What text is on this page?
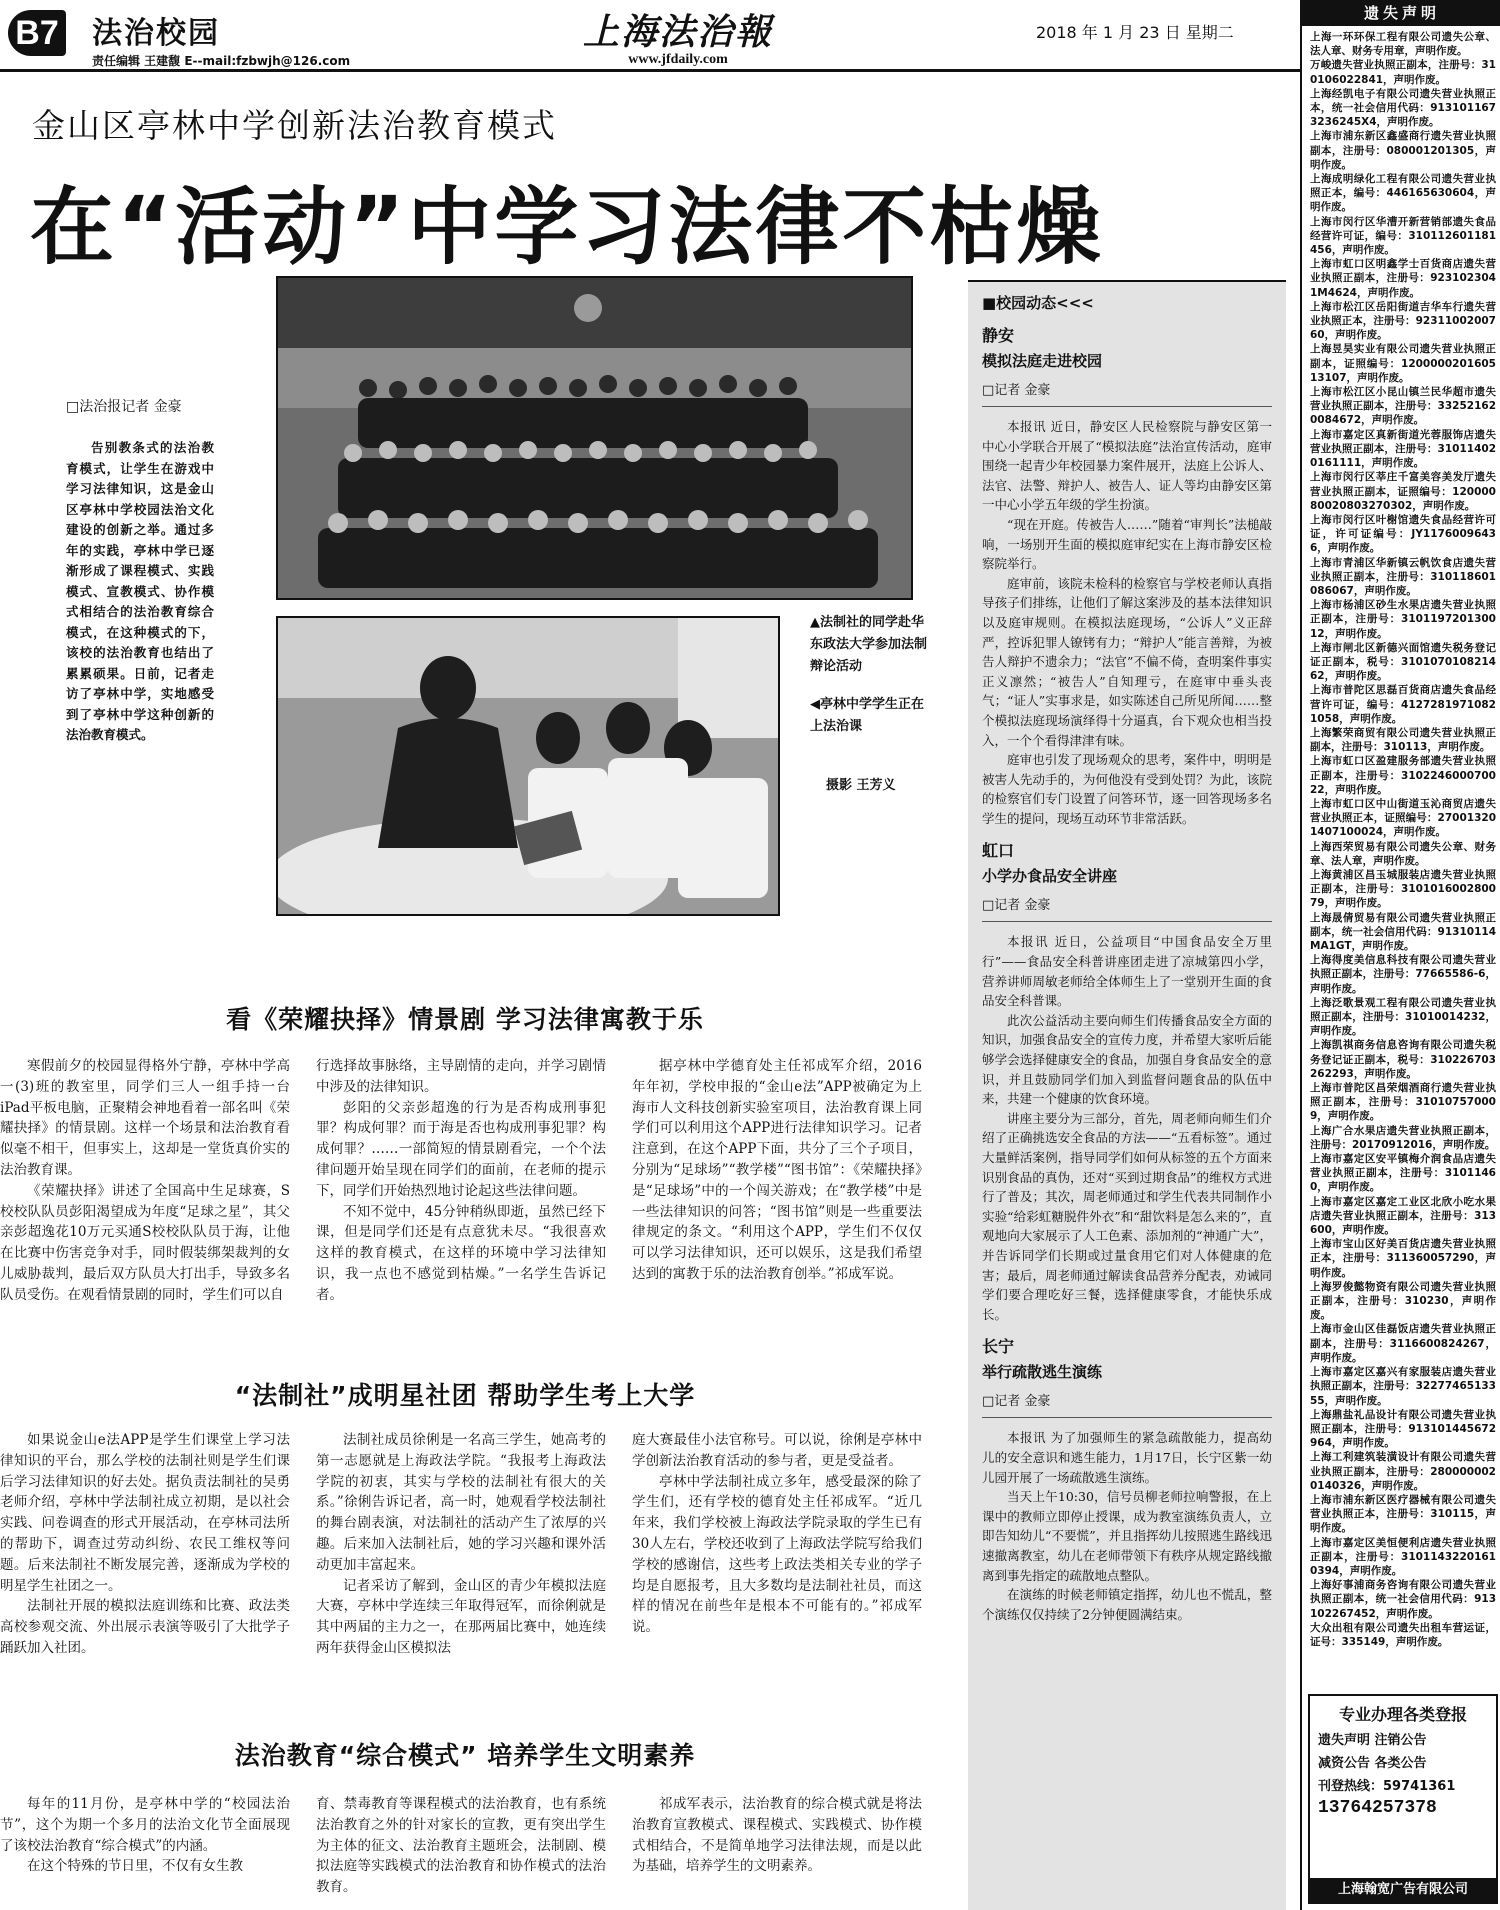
B7 法治校园
责任编辑 王建馥 E--mail:fzbwjh@126.com
上海法治報
www.jfdaily.com
2018 年 1 月 23 日 星期二
金山区亭林中学创新法治教育模式
在“活动”中学习法律不枯燥
▲法制社的同学赴华东政法大学参加法制辩论活动
◀亭林中学学生正在上法治课
摄影 王芳义
□法治报记者 金豪
告别教条式的法治教育模式，让学生在游戏中学习法律知识，这是金山区亭林中学校园法治文化建设的创新之举。通过多年的实践，亭林中学已逐渐形成了课程模式、实践模式、宣教模式、协作模式相结合的法治教育综合模式，在这种模式的下，该校的法治教育也结出了累累硕果。日前，记者走访了亭林中学，实地感受到了亭林中学这种创新的法治教育模式。
看《荣耀抉择》情景剧 学习法律寓教于乐

寒假前夕的校园显得格外宁静，亭林中学高一(3)班的教室里，同学们三人一组手持一台iPad平板电脑，正聚精会神地看着一部名叫《荣耀抉择》的情景剧。这样一个场景和法治教育看似毫不相干，但事实上，这却是一堂货真价实的法治教育课。

《荣耀抉择》讲述了全国高中生足球赛，S校校队队员彭阳渴望成为年度“足球之星”，其父亲彭超逸花10万元买通S校校队队员于海，让他在比赛中伤害竞争对手，同时假装绑架裁判的女儿威胁裁判，最后双方队员大打出手，导致多名队员受伤。在观看情景剧的同时，学生们可以自

行选择故事脉络，主导剧情的走向，并学习剧情中涉及的法律知识。

彭阳的父亲彭超逸的行为是否构成刑事犯罪？构成何罪？而于海是否也构成刑事犯罪？构成何罪？……一部简短的情景剧看完，一个个法律问题开始呈现在同学们的面前，在老师的提示下，同学们开始热烈地讨论起这些法律问题。

不知不觉中，45分钟稍纵即逝，虽然已经下课，但是同学们还是有点意犹未尽。“我很喜欢这样的教育模式，在这样的环境中学习法律知识，我一点也不感觉到枯燥。”一名学生告诉记者。

据亭林中学德育处主任祁成军介绍，2016年年初，学校申报的“金山e法”APP被确定为上海市人文科技创新实验室项目，法治教育课上同学们可以利用这个APP进行法律知识学习。记者注意到，在这个APP下面，共分了三个子项目，分别为“足球场”“教学楼”“图书馆”：《荣耀抉择》是“足球场”中的一个闯关游戏；在“教学楼”中是一些法律知识的问答；“图书馆”则是一些重要法律规定的条文。“利用这个APP，学生们不仅仅可以学习法律知识，还可以娱乐，这是我们希望达到的寓教于乐的法治教育创举。”祁成军说。

“法制社”成明星社团 帮助学生考上大学

如果说金山e法APP是学生们课堂上学习法律知识的平台，那么学校的法制社则是学生们课后学习法律知识的好去处。据负责法制社的吴勇老师介绍，亭林中学法制社成立初期，是以社会实践、问卷调查的形式开展活动，在亭林司法所的帮助下，调查过劳动纠纷、农民工维权等问题。后来法制社不断发展完善，逐渐成为学校的明星学生社团之一。

法制社开展的模拟法庭训练和比赛、政法类高校参观交流、外出展示表演等吸引了大批学子踊跃加入社团。

法制社成员徐俐是一名高三学生，她高考的第一志愿就是上海政法学院。“我报考上海政法学院的初衷，其实与学校的法制社有很大的关系。”徐俐告诉记者，高一时，她观看学校法制社的舞台剧表演，对法制社的活动产生了浓厚的兴趣。后来加入法制社后，她的学习兴趣和课外活动更加丰富起来。

记者采访了解到，金山区的青少年模拟法庭大赛，亭林中学连续三年取得冠军，而徐俐就是其中两届的主力之一，在那两届比赛中，她连续两年获得金山区模拟法

庭大赛最佳小法官称号。可以说，徐俐是亭林中学创新法治教育活动的参与者，更是受益者。

亭林中学法制社成立多年，感受最深的除了学生们，还有学校的德育处主任祁成军。“近几年来，我们学校被上海政法学院录取的学生已有30人左右，学校还收到了上海政法学院写给我们学校的感谢信，这些考上政法类相关专业的学子均是自愿报考，且大多数均是法制社社员，而这样的情况在前些年是根本不可能有的。”祁成军说。

法治教育“综合模式” 培养学生文明素养

每年的11月份，是亭林中学的“校园法治节”，这个为期一个多月的法治文化节全面展现了该校法治教育“综合模式”的内涵。

在这个特殊的节日里，不仅有女生教

育、禁毒教育等课程模式的法治教育，也有系统法治教育之外的针对家长的宣教，更有突出学生为主体的征文、法治教育主题班会，法制剧、模拟法庭等实践模式的法治教育和协作模式的法治教育。

祁成军表示，法治教育的综合模式就是将法治教育宣教模式、课程模式、实践模式、协作模式相结合，不是简单地学习法律法规，而是以此为基础，培养学生的文明素养。

■校园动态<<<
静安
模拟法庭走进校园
□记者 金豪

本报讯 近日，静安区人民检察院与静安区第一中心小学联合开展了“模拟法庭”法治宣传活动，庭审围绕一起青少年校园暴力案件展开，法庭上公诉人、法官、法警、辩护人、被告人、证人等均由静安区第一中心小学五年级的学生扮演。

“现在开庭。传被告人……”随着“审判长”法槌敲响，一场别开生面的模拟庭审纪实在上海市静安区检察院举行。

庭审前，该院未检科的检察官与学校老师认真指导孩子们排练，让他们了解这案涉及的基本法律知识以及庭审规则。在模拟法庭现场，“公诉人”义正辞严，控诉犯罪人镣铐有力；“辩护人”能言善辩，为被告人辩护不遗余力；“法官”不偏不倚，查明案件事实正义凛然；“被告人”自知理亏，在庭审中垂头丧气；“证人”实事求是，如实陈述自己所见所闻……整个模拟法庭现场演绎得十分逼真，台下观众也相当投入，一个个看得津津有味。

庭审也引发了现场观众的思考，案件中，明明是被害人先动手的，为何他没有受到处罚？为此，该院的检察官们专门设置了问答环节，逐一回答现场多名学生的提问，现场互动环节非常活跃。

虹口
小学办食品安全讲座
□记者 金豪

本报讯 近日，公益项目“中国食品安全万里行”——食品安全科普讲座团走进了凉城第四小学，营养讲师周敏老师给全体师生上了一堂别开生面的食品安全科普课。

此次公益活动主要向师生们传播食品安全方面的知识，加强食品安全的宣传力度，并希望大家听后能够学会选择健康安全的食品，加强自身食品安全的意识，并且鼓励同学们加入到监督问题食品的队伍中来，共建一个健康的饮食环境。

讲座主要分为三部分，首先，周老师向师生们介绍了正确挑选安全食品的方法——“五看标签”。通过大量鲜活案例，指导同学们如何从标签的五个方面来识别食品的真伪，还对“买到过期食品”的维权方式进行了普及；其次，周老师通过和学生代表共同制作小实验“给彩虹糖脱件外衣”和“甜饮料是怎么来的”，直观地向大家展示了人工色素、添加剂的“神通广大”，并告诉同学们长期或过量食用它们对人体健康的危害；最后，周老师通过解读食品营养分配表，劝诫同学们要合理吃好三餐，选择健康零食，才能快乐成长。

长宁
举行疏散逃生演练
□记者 金豪

本报讯 为了加强师生的紧急疏散能力，提高幼儿的安全意识和逃生能力，1月17日，长宁区紫一幼儿园开展了一场疏散逃生演练。

当天上午10:30，信号员柳老师拉响警报，在上课中的教师立即停止授课，成为教室演练负责人，立即告知幼儿“不要慌”，并且指挥幼儿按照逃生路线迅速撤离教室，幼儿在老师带领下有秩序从规定路线撤离到事先指定的疏散地点整队。

在演练的时候老师镇定指挥，幼儿也不慌乱，整个演练仅仅持续了2分钟便圆满结束。

遗失声明
上海一环环保工程有限公司遗失公章、法人章、财务专用章，声明作废。
万峻遗失营业执照正副本，注册号：310106022841，声明作废。
上海经凯电子有限公司遗失营业执照正本，统一社会信用代码：9131011673236245X4，声明作废。
上海市浦东新区鑫盛商行遗失营业执照副本，注册号：080001201305，声明作废。
上海成明绿化工程有限公司遗失营业执照正本，编号：446165630604，声明作废。
上海市闵行区华漕开新营销部遗失食品经营许可证，编号：310112601181456，声明作废。
上海市虹口区明鑫学士百货商店遗失营业执照正副本，注册号：9231023041M4624，声明作废。
上海市松江区岳阳街道吉华车行遗失营业执照正本，注册号：9231100200760，声明作废。
上海昱昊实业有限公司遗失营业执照正副本，证照编号：120000020160513107，声明作废。
上海市松江区小昆山镇兰民华超市遗失营业执照正副本，注册号：332521620084672，声明作废。
上海市嘉定区真新街道光蓉服饰店遗失营业执照正副本，注册号：310114020161111，声明作废。
上海市闵行区莘庄千富美容美发厅遗失营业执照正副本，证照编号：12000080020803270302，声明作废。
上海市闵行区叶榭馆遗失食品经营许可证，许可证编号：JY11760096436，声明作废。
上海市青浦区华新镇云帆饮食店遗失营业执照正副本，注册号：310118601086067，声明作废。
上海市杨浦区砂生水果店遗失营业执照正副本，注册号：310119720130012，声明作废。
上海市闸北区新德兴面馆遗失税务登记证正副本，税号：310107010821462，声明作废。
上海市普陀区思磊百货商店遗失食品经营许可证，编号：41272819710821058，声明作废。
上海繁荣商贸有限公司遗失营业执照正副本，注册号：310113，声明作废。
上海市虹口区盈建服务部遗失营业执照正副本，注册号：310224600070022，声明作废。
上海市虹口区中山街道玉沁商贸店遗失营业执照正本，证照编号：270013201407100024，声明作废。
上海西荣贸易有限公司遗失公章、财务章、法人章，声明作废。
上海黄浦区昌玉城服装店遗失营业执照正副本，注册号：310101600280079，声明作废。
上海晟倩贸易有限公司遗失营业执照正副本，统一社会信用代码：91310114MA1GT，声明作废。
上海得度美信息科技有限公司遗失营业执照正副本，注册号：77665586-6，声明作废。
上海泛歌景观工程有限公司遗失营业执照正副本，注册号：31010014232，声明作废。
上海凯祺商务信息咨询有限公司遗失税务登记证正副本，税号：310226703262293，声明作废。
上海市普陀区昌荣烟酒商行遗失营业执照正副本，注册号：310107570009，声明作废。
上海广合水果店遗失营业执照正副本，注册号：20170912016，声明作废。
上海市嘉定区安平镇梅介润食品店遗失营业执照正副本，注册号：31011460，声明作废。
上海市嘉定区嘉定工业区北欣小吃水果店遗失营业执照正副本，注册号：313600，声明作废。
上海市宝山区好美百货店遗失营业执照正本，注册号：311360057290，声明作废。
上海罗俊懿物资有限公司遗失营业执照正副本，注册号：310230，声明作废。
上海市金山区佳磊饭店遗失营业执照正副本，注册号：3116600824267，声明作废。
上海市嘉定区嘉兴有家服装店遗失营业执照正副本，注册号：3227746513355，声明作废。
上海鼎盐礼品设计有限公司遗失营业执照正副本，注册号：913101445672964，声明作废。
上海工利建筑装潢设计有限公司遗失营业执照正副本，注册号：2800000020140326，声明作废。
上海市浦东新区医疗器械有限公司遗失营业执照正本，注册号：310115，声明作废。
上海市嘉定区美恒便利店遗失营业执照正副本，注册号：31011432201610394，声明作废。
上海好事浦商务咨询有限公司遗失营业执照正副本，统一社会信用代码：913102267452，声明作废。
大众出租有限公司遗失出租车营运证，证号：335149，声明作废。
专业办理各类登报
遗失声明 注销公告
减资公告 各类公告
刊登热线：59741361
13764257378
上海翰宽广告有限公司
